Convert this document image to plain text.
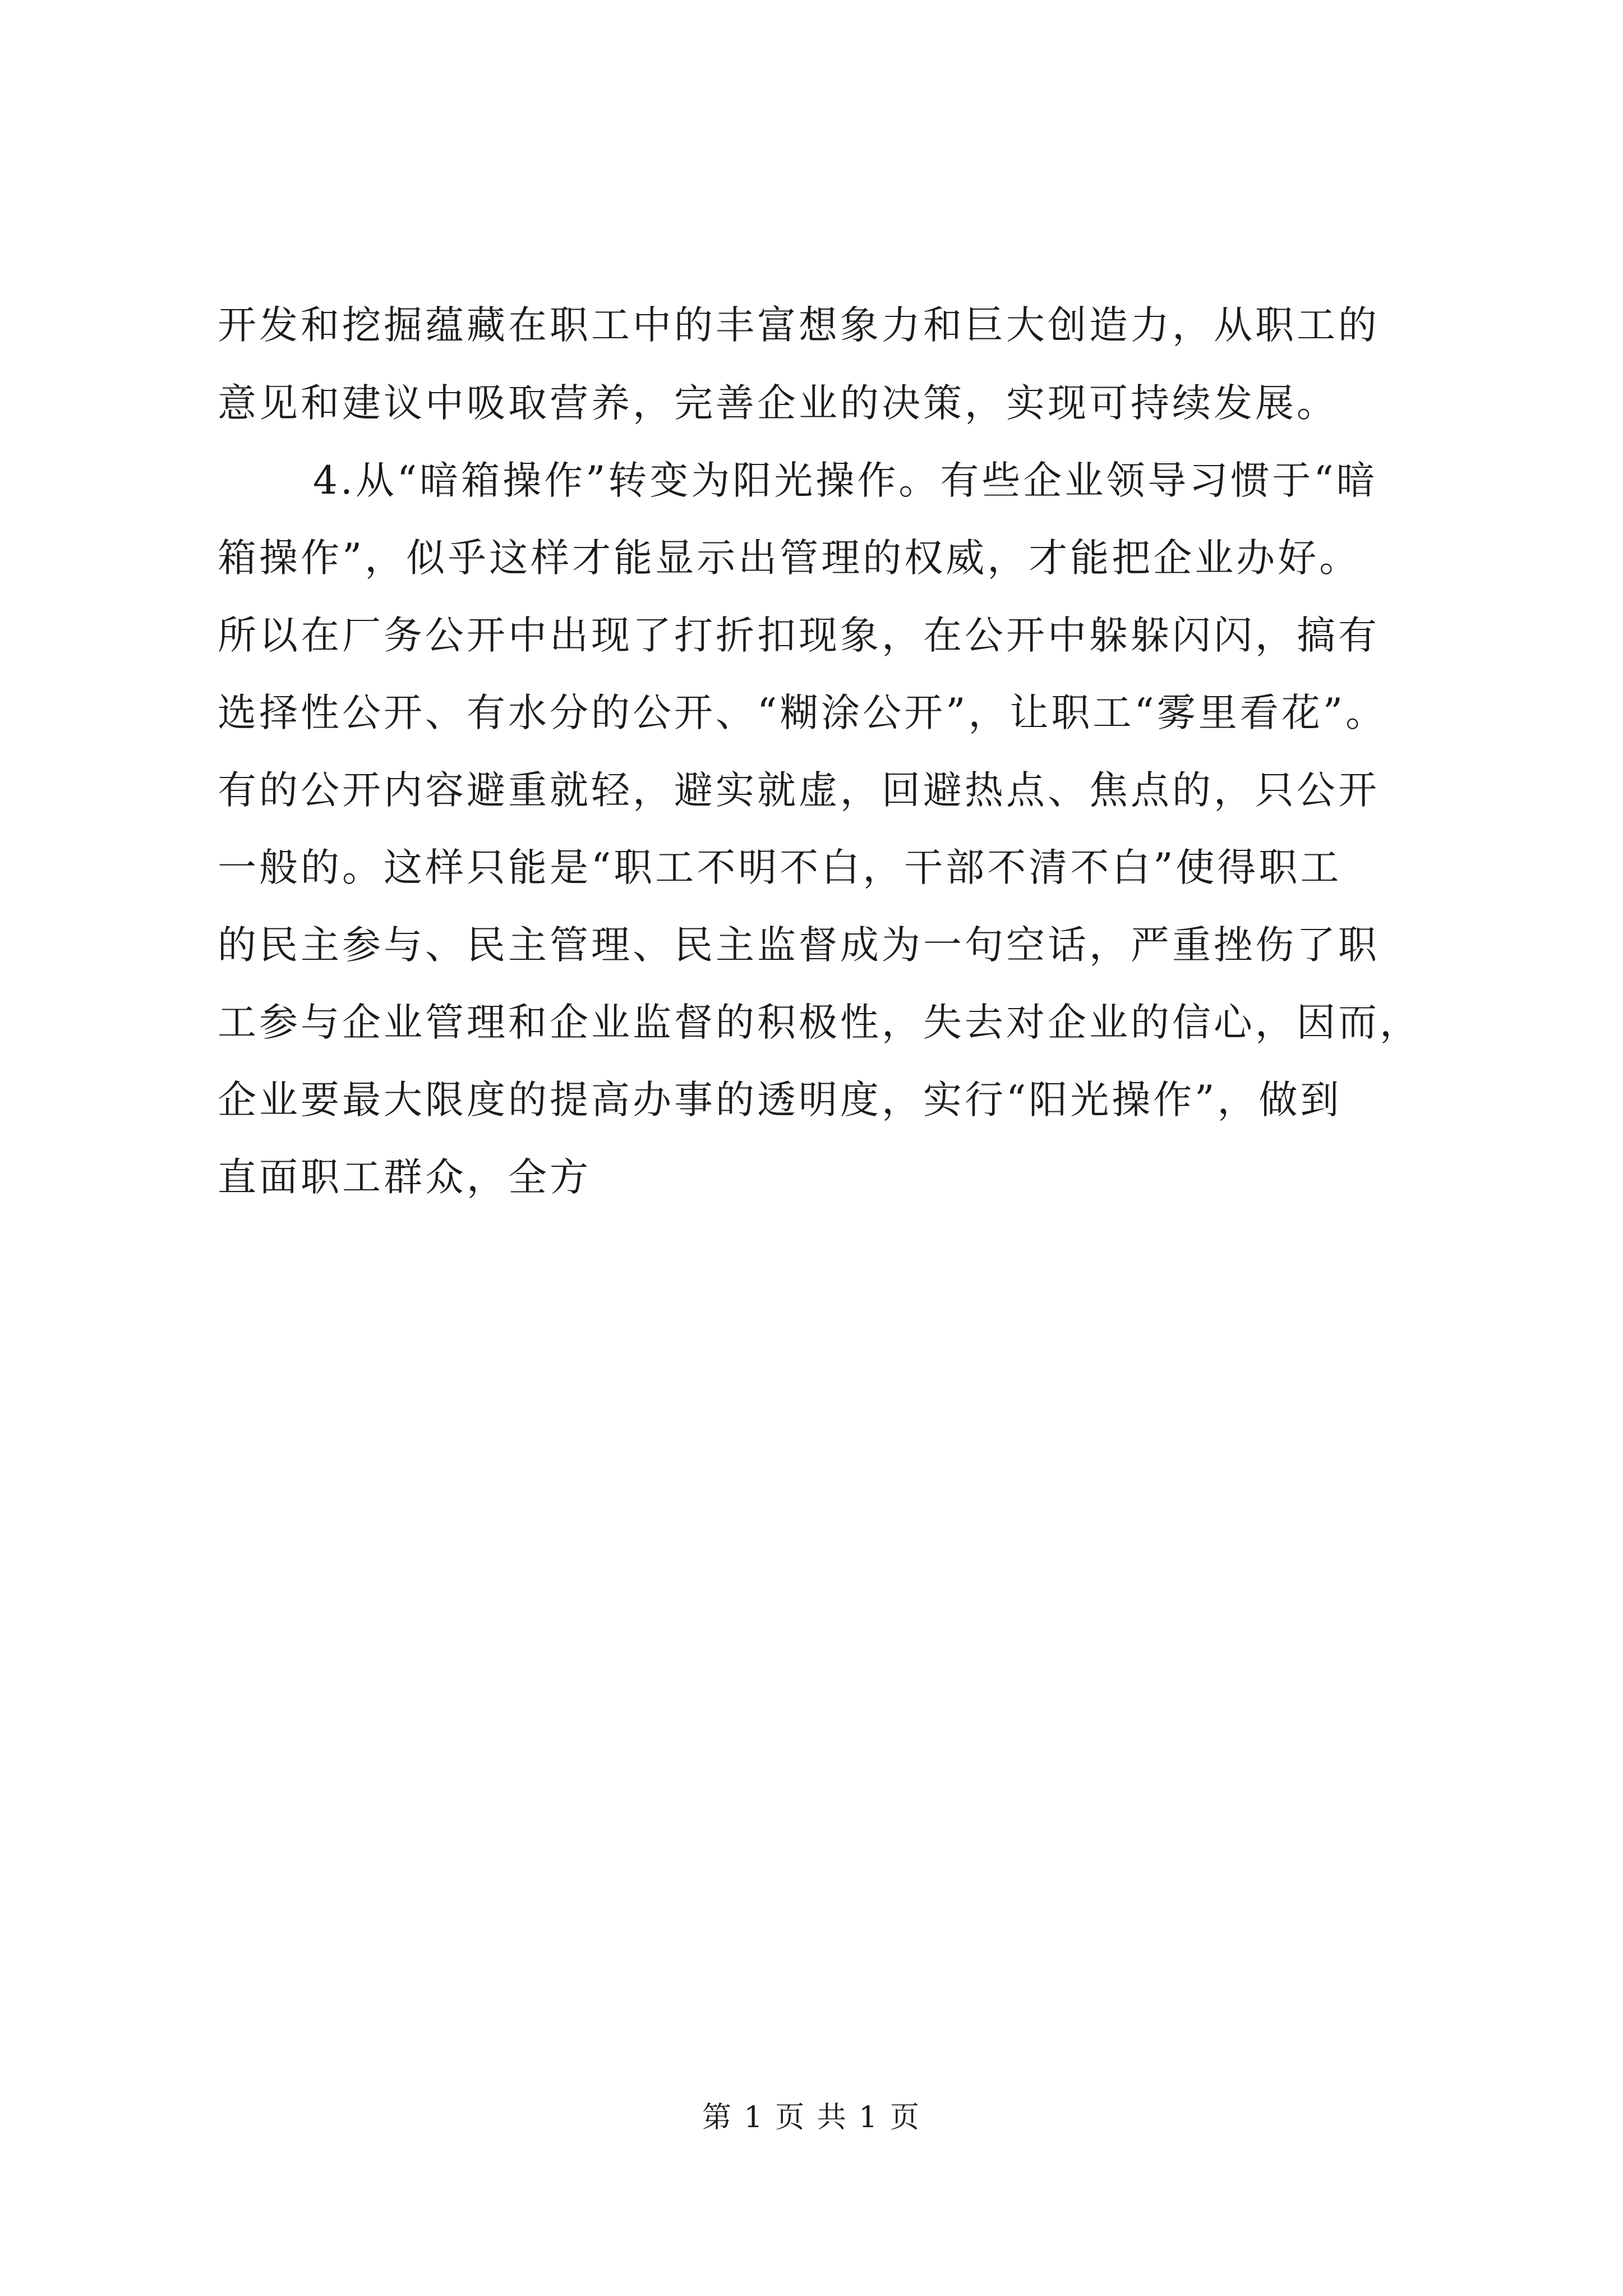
开发和挖掘蕴藏在职工中的丰富想象力和巨大创造力，从职工的
意见和建议中吸取营养，完善企业的决策，实现可持续发展。
4.从“暗箱操作”转变为阳光操作。有些企业领导习惯于“暗
箱操作”，似乎这样才能显示出管理的权威，才能把企业办好。
所以在厂务公开中出现了打折扣现象，在公开中躲躲闪闪，搞有
选择性公开、有水分的公开、“糊涂公开”，让职工“雾里看花”。
有的公开内容避重就轻，避实就虚，回避热点、焦点的，只公开
一般的。这样只能是“职工不明不白，干部不清不白”使得职工
的民主参与、民主管理、民主监督成为一句空话，严重挫伤了职
工参与企业管理和企业监督的积极性，失去对企业的信心，因而，
企业要最大限度的提高办事的透明度，实行“阳光操作”，做到
直面职工群众，全方
第 1 页 共 1 页
